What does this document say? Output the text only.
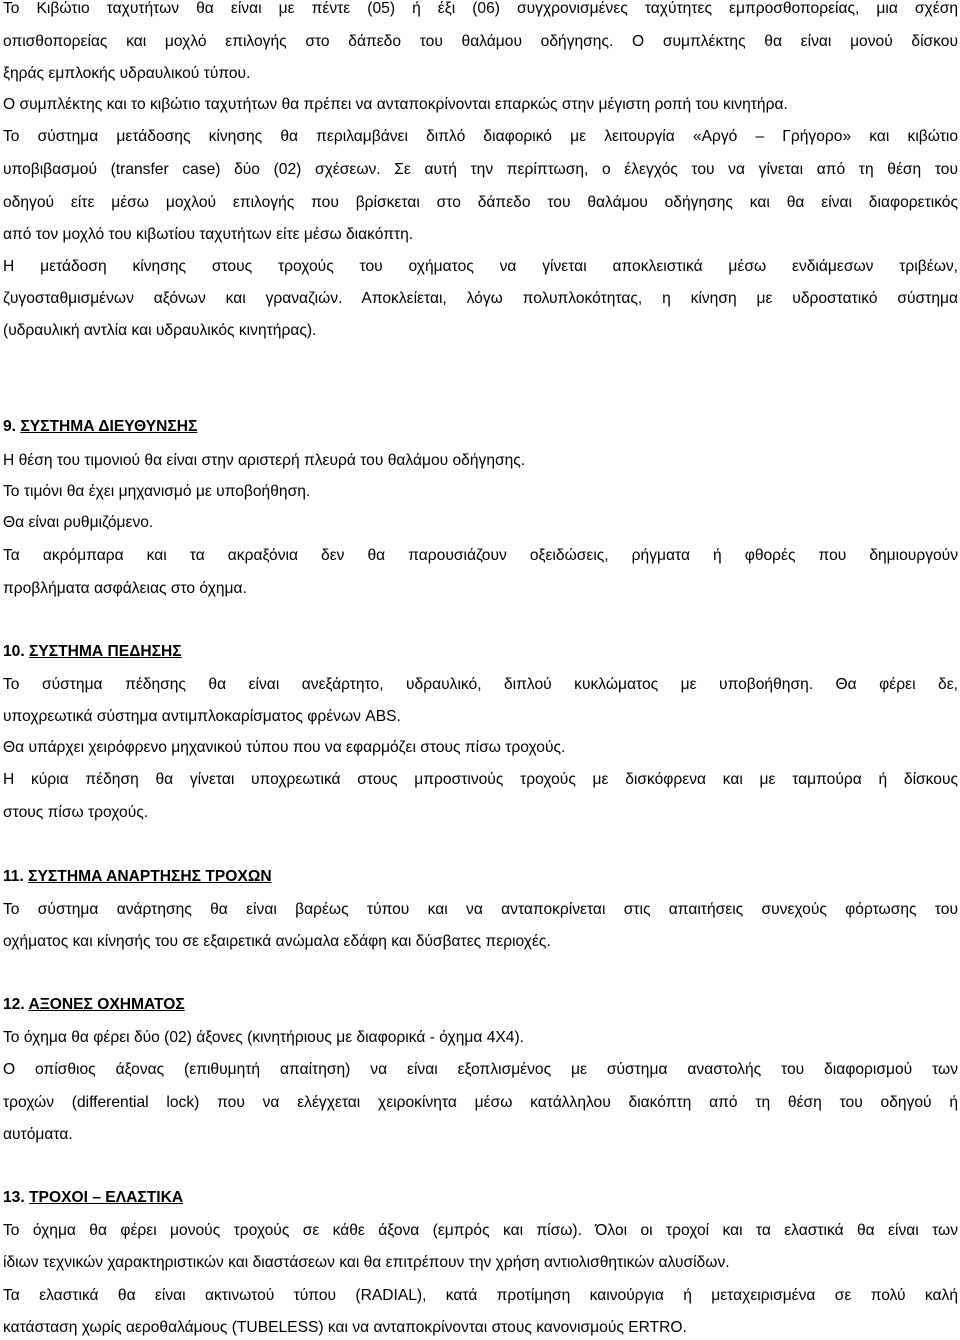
Το Κιβώτιο ταχυτήτων θα είναι με πέντε (05) ή έξι (06) συγχρονισμένες ταχύτητες εμπροσθοπορείας, μια σχέση
οπισθοπορείας και μοχλό επιλογής στο δάπεδο του θαλάμου οδήγησης. Ο συμπλέκτης θα είναι μονού δίσκου
ξηράς εμπλοκής υδραυλικού τύπου.
Ο συμπλέκτης και το κιβώτιο ταχυτήτων θα πρέπει να ανταποκρίνονται επαρκώς στην μέγιστη ροπή του κινητήρα.
Το σύστημα μετάδοσης κίνησης θα περιλαμβάνει διπλό διαφορικό με λειτουργία «Αργό – Γρήγορο» και κιβώτιο
υποβιβασμού (transfer case) δύο (02) σχέσεων. Σε αυτή την περίπτωση, ο έλεγχός του να γίνεται από τη θέση του
οδηγού είτε μέσω μοχλού επιλογής που βρίσκεται στο δάπεδο του θαλάμου οδήγησης και θα είναι διαφορετικός
από τον μοχλό του κιβωτίου ταχυτήτων είτε μέσω διακόπτη.
Η μετάδοση κίνησης στους τροχούς του οχήματος να γίνεται αποκλειστικά μέσω ενδιάμεσων τριβέων,
ζυγοσταθμισμένων αξόνων και γραναζιών. Αποκλείεται, λόγω πολυπλοκότητας, η κίνηση με υδροστατικό σύστημα
(υδραυλική αντλία και υδραυλικός κινητήρας).
9. ΣΥΣΤΗΜΑ ΔΙΕΥΘΥΝΣΗΣ
Η θέση του τιμονιού θα είναι στην αριστερή πλευρά του θαλάμου οδήγησης.
Το τιμόνι θα έχει μηχανισμό με υποβοήθηση.
Θα είναι ρυθμιζόμενο.
Τα ακρόμπαρα και τα ακραξόνια δεν θα παρουσιάζουν οξειδώσεις, ρήγματα ή φθορές που δημιουργούν
προβλήματα ασφάλειας στο όχημα.
10. ΣΥΣΤΗΜΑ ΠΕΔΗΣΗΣ
Το σύστημα πέδησης θα είναι ανεξάρτητο, υδραυλικό, διπλού κυκλώματος με υποβοήθηση. Θα φέρει δε,
υποχρεωτικά σύστημα αντιμπλοκαρίσματος φρένων ABS.
Θα υπάρχει χειρόφρενο μηχανικού τύπου που να εφαρμόζει στους πίσω τροχούς.
Η κύρια πέδηση θα γίνεται υποχρεωτικά στους μπροστινούς τροχούς με δισκόφρενα και με ταμπούρα ή δίσκους
στους πίσω τροχούς.
11. ΣΥΣΤΗΜΑ ΑΝΑΡΤΗΣΗΣ ΤΡΟΧΩΝ
Το σύστημα ανάρτησης θα είναι βαρέως τύπου και να ανταποκρίνεται στις απαιτήσεις συνεχούς φόρτωσης του
οχήματος και κίνησής του σε εξαιρετικά ανώμαλα εδάφη και δύσβατες περιοχές.
12. ΑΞΟΝΕΣ ΟΧΗΜΑΤΟΣ
Το όχημα θα φέρει δύο (02) άξονες (κινητήριους με διαφορικά - όχημα 4Χ4).
Ο οπίσθιος άξονας (επιθυμητή απαίτηση) να είναι εξοπλισμένος με σύστημα αναστολής του διαφορισμού των
τροχών (differential lock) που να ελέγχεται χειροκίνητα μέσω κατάλληλου διακόπτη από τη θέση του οδηγού ή
αυτόματα.
13. ΤΡΟΧΟΙ – ΕΛΑΣΤΙΚΑ
Το όχημα θα φέρει μονούς τροχούς σε κάθε άξονα (εμπρός και πίσω). Όλοι οι τροχοί και τα ελαστικά θα είναι των
ίδιων τεχνικών χαρακτηριστικών και διαστάσεων και θα επιτρέπουν την χρήση αντιολισθητικών αλυσίδων.
Τα ελαστικά θα είναι ακτινωτού τύπου (RADIAL), κατά προτίμηση καινούργια ή μεταχειρισμένα σε πολύ καλή
κατάσταση χωρίς αεροθαλάμους (TUBELESS) και να ανταποκρίνονται στους κανονισμούς ERTRO.
